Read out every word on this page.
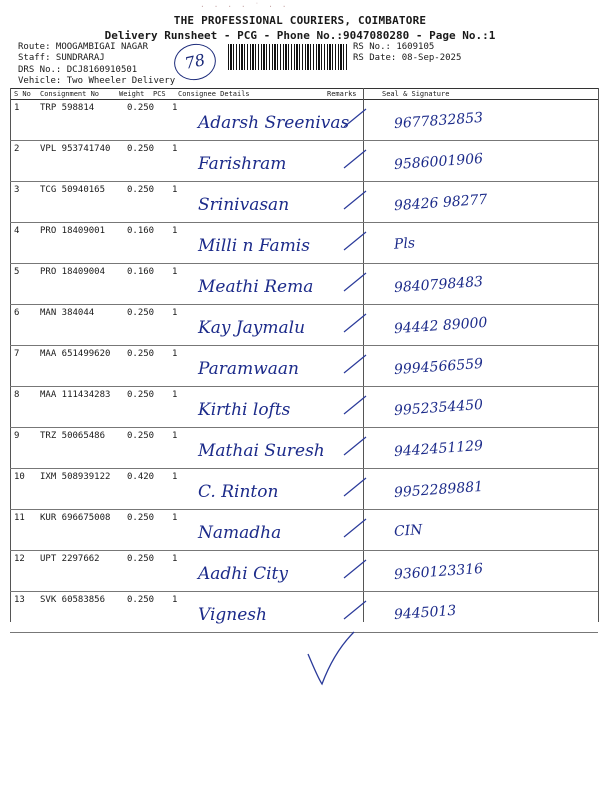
· · · · ˙ · ·
THE PROFESSIONAL COURIERS, COIMBATORE
Delivery Runsheet - PCG - Phone No.:9047080280 - Page No.:1
Route: MOOGAMBIGAI NAGAR
Staff: SUNDRARAJ
DRS No.: DCJ8160910501
Vehicle: Two Wheeler Delivery
78
RS No.: 1609105
RS Date: 08-Sep-2025
S No Consignment No	Weight PCS Consignee Details	Remarks	Seal & Signature
1 TRP 598814	0.250 1
Adarsh Sreenivas	9677832853
2 VPL 953741740 0.250 1
Farishram	9586001906
3 TCG 50940165 0.250 1
Srinivasan	98426 98277
4 PRO 18409001 0.160 1
Milli n Famis	Pls
5 PRO 18409004 0.160 1
Meathi Rema	9840798483
6 MAN 384044	0.250 1
Kay Jaymalu	94442 89000
7 MAA 651499620 0.250 1
Paramwaan	9994566559
8 MAA 111434283 0.250 1
Kirthi lofts	9952354450
9 TRZ 50065486 0.250 1
Mathai Suresh	9442451129
10 IXM 508939122 0.420 1
C. Rinton	9952289881
11 KUR 696675008 0.250 1
Namadha	CIN
12 UPT 2297662	0.250 1
Aadhi City	9360123316
13 SVK 60583856 0.250 1
Vignesh	9445013
